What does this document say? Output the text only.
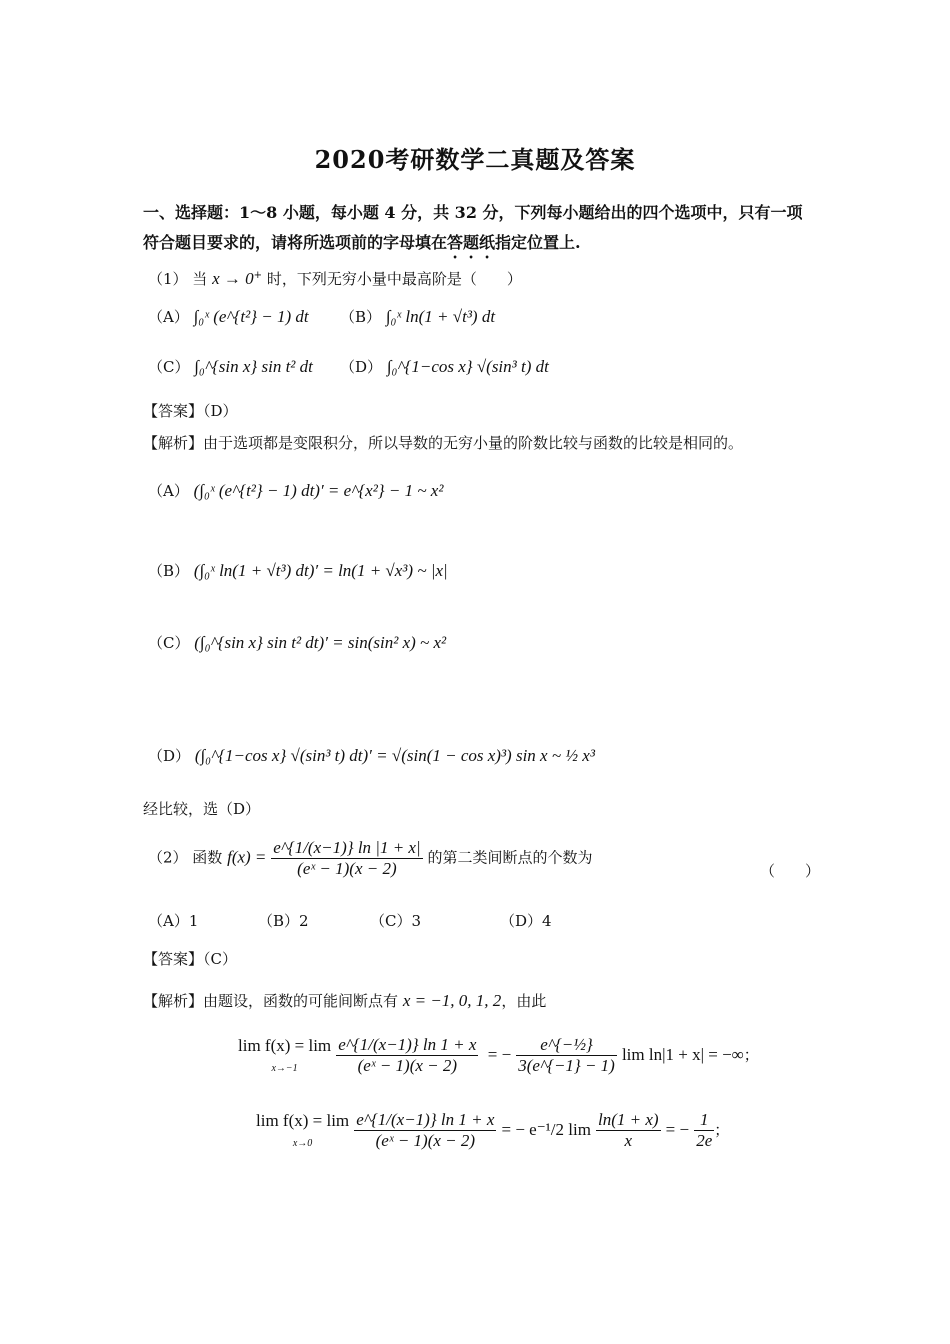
2020考研数学二真题及答案
一、选择题：1～8 小题，每小题 4 分，共 32 分，下列每小题给出的四个选项中，只有一项
符合题目要求的，请将所选项前的字母填在答题纸指定位置上.
（1） 当 x → 0+ 时，下列无穷小量中最高阶是（　　）
（A） ∫₀ˣ (e^{t²} − 1) dt （B） ∫₀ˣ ln(1 + √t³) dt
（C） ∫₀^{sin x} sin t² dt （D） ∫₀^{1−cos x} √(sin³ t) dt
【答案】（D）
【解析】由于选项都是变限积分，所以导数的无穷小量的阶数比较与函数的比较是相同的。
（A） (∫₀ˣ (e^{t²} − 1) dt)′ = e^{x²} − 1 ~ x²
（B） (∫₀ˣ ln(1 + √t³) dt)′ = ln(1 + √x³) ~ |x|
（C） (∫₀^{sin x} sin t² dt)′ = sin(sin² x) ~ x²
（D） (∫₀^{1−cos x} √(sin³ t) dt)′ = √(sin(1 − cos x)³) sin x ~ ½ x³
经比较，选（D）
（2） 函数 $f(x) = \frac{e\^{}\{1/(x-1)\} \ln |1 + x|}{\text{(eˣ − 1)(x − 2)}}$ 的第二类间断点的个数为
（　　）
（A）1	（B）2	（C）3	（D）4
【答案】（C）
【解析】由题设，函数的可能间断点有 x = −1, 0, 1, 2，由此
lim f(x) = lim
$x\to-1 \frac{e\^{}\{1/(x-1)\} \ln 1 + x}{\text{(eˣ − 1)(x − 2)}}$ = − $\frac{\text{e\textasciicircum{}\{−½\}}}{3(e\^{}\{-1\} - 1)}$ lim ln|1 + x| = −∞；
lim f(x) = lim
$x\to 0 \frac{e\^{}\{1/(x-1)\} \ln 1 + x}{\text{(eˣ − 1)(x − 2)}}$ = − e⁻¹/2 $\lim \frac{\ln(1 + x)}{x}$ = − $\frac{1}{2e}$ ；
